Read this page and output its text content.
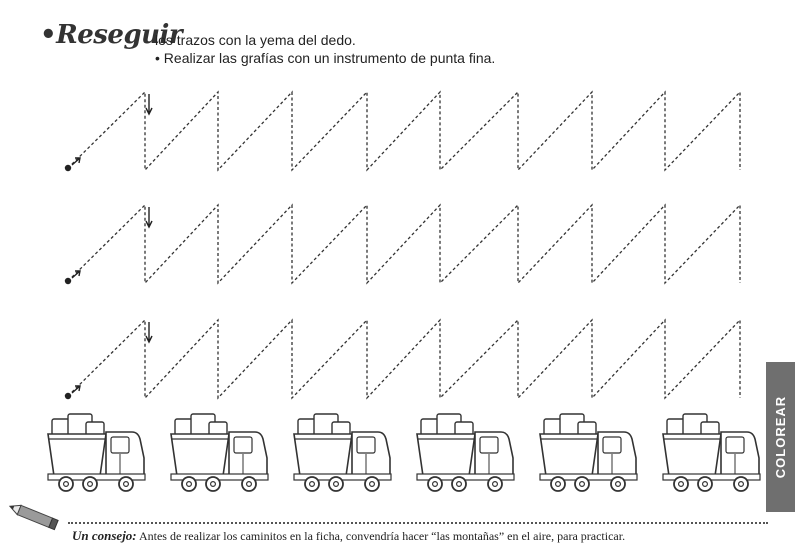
•Reseguir
los trazos con la yema del dedo.
• Realizar las grafías con un instrumento de punta fina.
COLOREAR
Un consejo: Antes de realizar los caminitos en la ficha, convendría hacer “las montañas” en el aire, para practicar.
